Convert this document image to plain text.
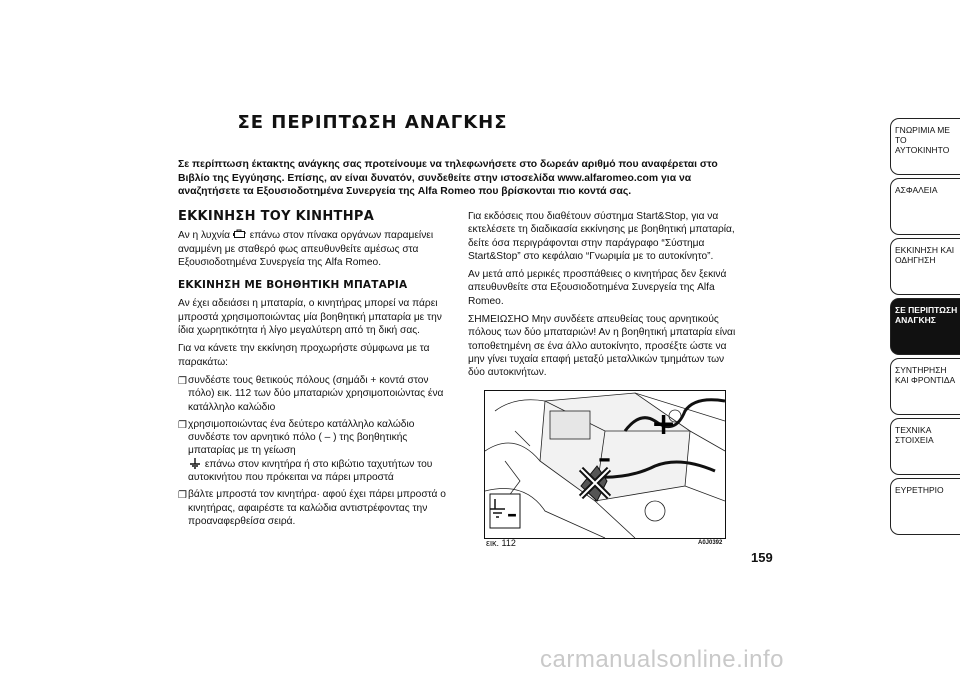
ΣΕ ΠΕΡΙΠΤΩΣΗ ΑΝΑΓΚΗΣ
Σε περίπτωση έκτακτης ανάγκης σας προτείνουμε να τηλεφωνήσετε στο δωρεάν αριθμό που αναφέρεται στο Βιβλίο της Εγγύησης. Επίσης, αν είναι δυνατόν, συνδεθείτε στην ιστοσελίδα www.alfaromeo.com για να αναζητήσετε τα Εξουσιοδοτημένα Συνεργεία της Alfa Romeo που βρίσκονται πιο κοντά σας.
ΕΚΚΙΝΗΣΗ ΤΟΥ ΚΙΝΗΤΗΡΑ

Αν η λυχνία επάνω στον πίνακα οργάνων παραμείνει αναμμένη με σταθερό φως απευθυνθείτε αμέσως στα Εξουσιοδοτημένα Συνεργεία της Alfa Romeo.

ΕΚΚΙΝΗΣΗ ΜΕ ΒΟΗΘΗΤΙΚΗ ΜΠΑΤΑΡΙΑ

Αν έχει αδειάσει η μπαταρία, ο κινητήρας μπορεί να πάρει μπροστά χρησιμοποιώντας μία βοηθητική μπαταρία με την ίδια χωρητικότητα ή λίγο μεγαλύτερη από τη δική σας.

Για να κάνετε την εκκίνηση προχωρήστε σύμφωνα με τα παρακάτω:

❐ συνδέστε τους θετικούς πόλους (σημάδι + κοντά στον πόλο) εικ. 112 των δύο μπαταριών χρησιμοποιώντας ένα κατάλληλο καλώδιο
❐ χρησιμοποιώντας ένα δεύτερο κατάλληλο καλώδιο συνδέστε τον αρνητικό πόλο ( – ) της βοηθητικής μπαταρίας με τη γείωση
επάνω στον κινητήρα ή στο κιβώτιο ταχυτήτων του αυτοκινήτου που πρόκειται να πάρει μπροστά
❐ βάλτε μπροστά τον κινητήρα· αφού έχει πάρει μπροστά ο κινητήρας, αφαιρέστε τα καλώδια αντιστρέφοντας την προαναφερθείσα σειρά.

Για εκδόσεις που διαθέτουν σύστημα Start&Stop, για να εκτελέσετε τη διαδικασία εκκίνησης με βοηθητική μπαταρία, δείτε όσα περιγράφονται στην παράγραφο “Σύστημα Start&Stop” στο κεφάλαιο “Γνωριμία με το αυτοκίνητο”.

Αν μετά από μερικές προσπάθειες ο κινητήρας δεν ξεκινά απευθυνθείτε στα Εξουσιοδοτημένα Συνεργεία της Alfa Romeo.

ΣΗΜΕΙΩΣΗΟ Μην συνδέετε απευθείας τους αρνητικούς πόλους των δύο μπαταριών! Αν η βοηθητική μπαταρία είναι τοποθετημένη σε ένα άλλο αυτοκίνητο, προσέξτε ώστε να μην γίνει τυχαία επαφή μεταξύ μεταλλικών τμημάτων των δύο αυτοκινήτων.

–
+
–
εικ. 112	A0J0392
ΓΝΩΡΙΜΙΑ ΜΕ ΤΟ ΑΥΤΟΚΙΝΗΤΟ
ΑΣΦΑΛΕΙΑ
ΕΚΚΙΝΗΣΗ ΚΑΙ ΟΔΗΓΗΣΗ
ΣΕ ΠΕΡΙΠΤΩΣΗ ΑΝΑΓΚΗΣ
ΣΥΝΤΗΡΗΣΗ ΚΑΙ ΦΡΟΝΤΙΔΑ
ΤΕΧΝΙΚΑ ΣΤΟΙΧΕΙΑ
ΕΥΡΕΤΗΡΙΟ
159
carmanualsonline.info
